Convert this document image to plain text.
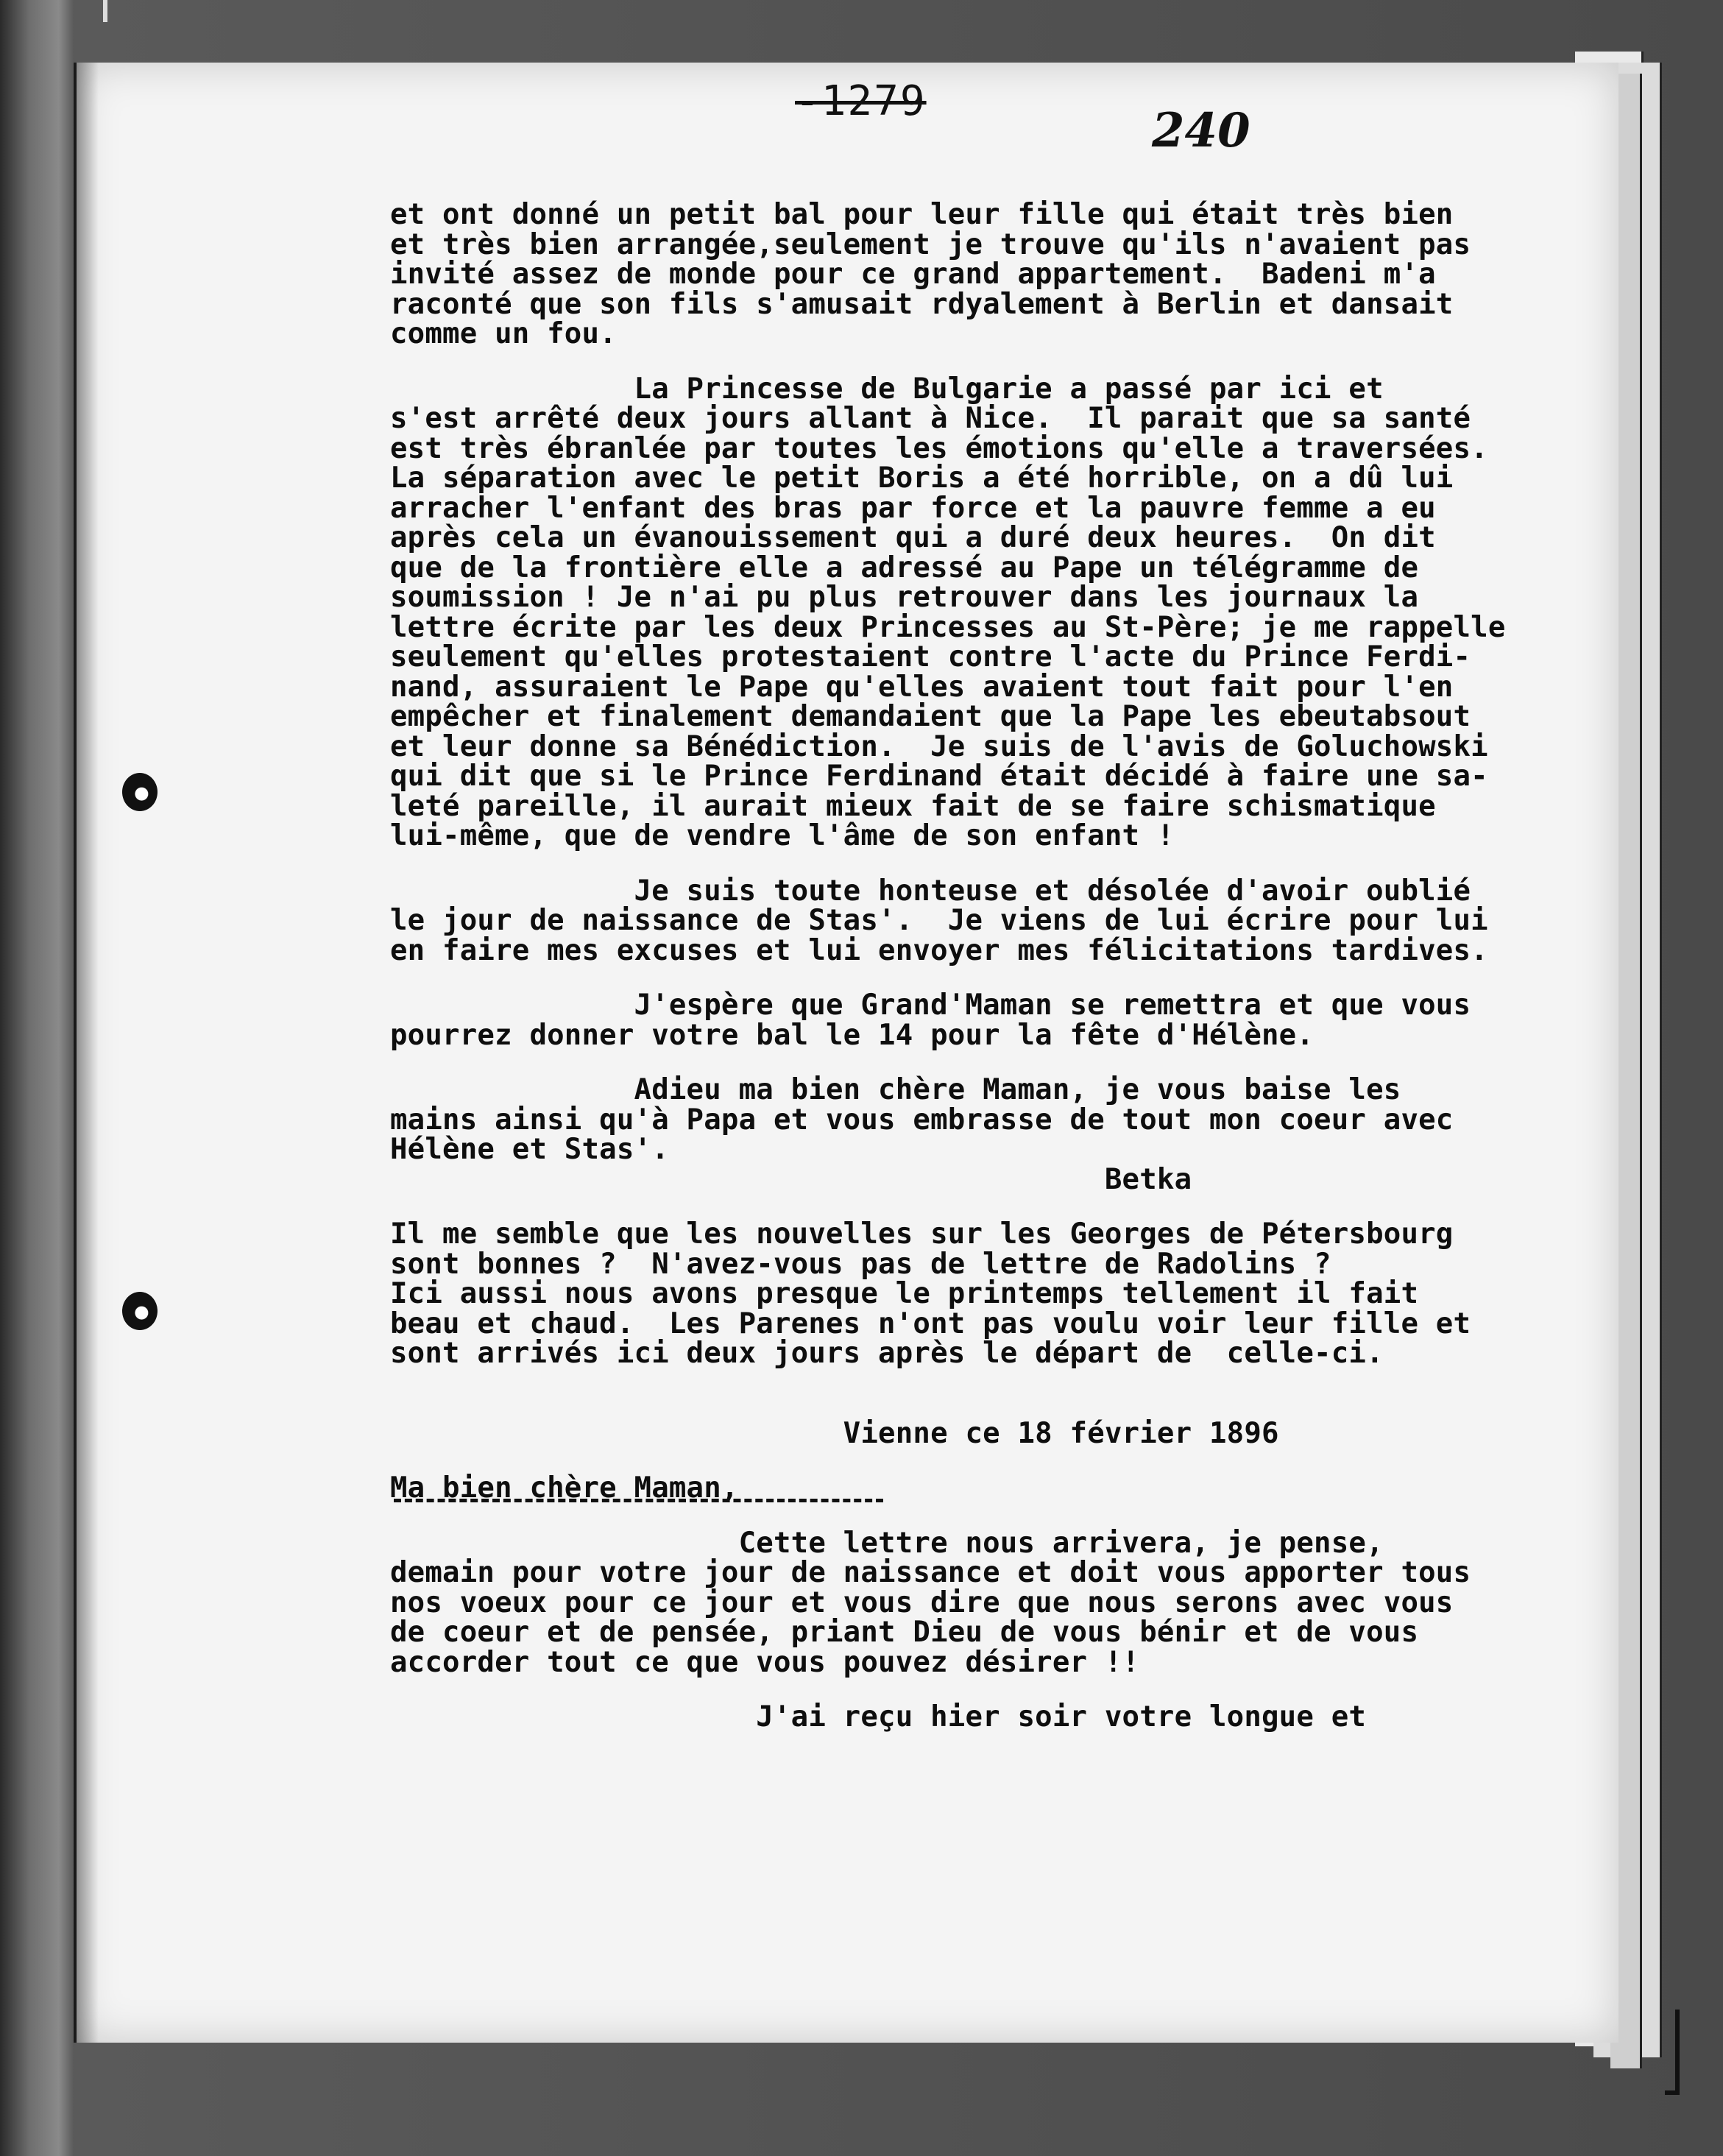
-1279
240
et ont donné un petit bal pour leur fille qui était très bien
et très bien arrangée,seulement je trouve qu'ils n'avaient pas
invité assez de monde pour ce grand appartement.  Badeni m'a
raconté que son fils s'amusait rdyalement à Berlin et dansait
comme un fou.
La Princesse de Bulgarie a passé par ici et
s'est arrêté deux jours allant à Nice.  Il parait que sa santé
est très ébranlée par toutes les émotions qu'elle a traversées.
La séparation avec le petit Boris a été horrible, on a dû lui
arracher l'enfant des bras par force et la pauvre femme a eu
après cela un évanouissement qui a duré deux heures.  On dit
que de la frontière elle a adressé au Pape un télégramme de
soumission ! Je n'ai pu plus retrouver dans les journaux la
lettre écrite par les deux Princesses au St-Père; je me rappelle
seulement qu'elles protestaient contre l'acte du Prince Ferdi-
nand, assuraient le Pape qu'elles avaient tout fait pour l'en
empêcher et finalement demandaient que la Pape les ebeutabsout
et leur donne sa Bénédiction.  Je suis de l'avis de Goluchowski
qui dit que si le Prince Ferdinand était décidé à faire une sa-
leté pareille, il aurait mieux fait de se faire schismatique
lui-même, que de vendre l'âme de son enfant !
Je suis toute honteuse et désolée d'avoir oublié
le jour de naissance de Stas'.  Je viens de lui écrire pour lui
en faire mes excuses et lui envoyer mes félicitations tardives.
J'espère que Grand'Maman se remettra et que vous
pourrez donner votre bal le 14 pour la fête d'Hélène.
Adieu ma bien chère Maman, je vous baise les
mains ainsi qu'à Papa et vous embrasse de tout mon coeur avec
Hélène et Stas'.
Betka
Il me semble que les nouvelles sur les Georges de Pétersbourg
sont bonnes ?  N'avez-vous pas de lettre de Radolins ?
Ici aussi nous avons presque le printemps tellement il fait
beau et chaud.  Les Parenes n'ont pas voulu voir leur fille et
sont arrivés ici deux jours après le départ de  celle-ci.
Vienne ce 18 février 1896
Ma bien chère Maman,
Cette lettre nous arrivera, je pense,
demain pour votre jour de naissance et doit vous apporter tous
nos voeux pour ce jour et vous dire que nous serons avec vous
de coeur et de pensée, priant Dieu de vous bénir et de vous
accorder tout ce que vous pouvez désirer !!
J'ai reçu hier soir votre longue et
